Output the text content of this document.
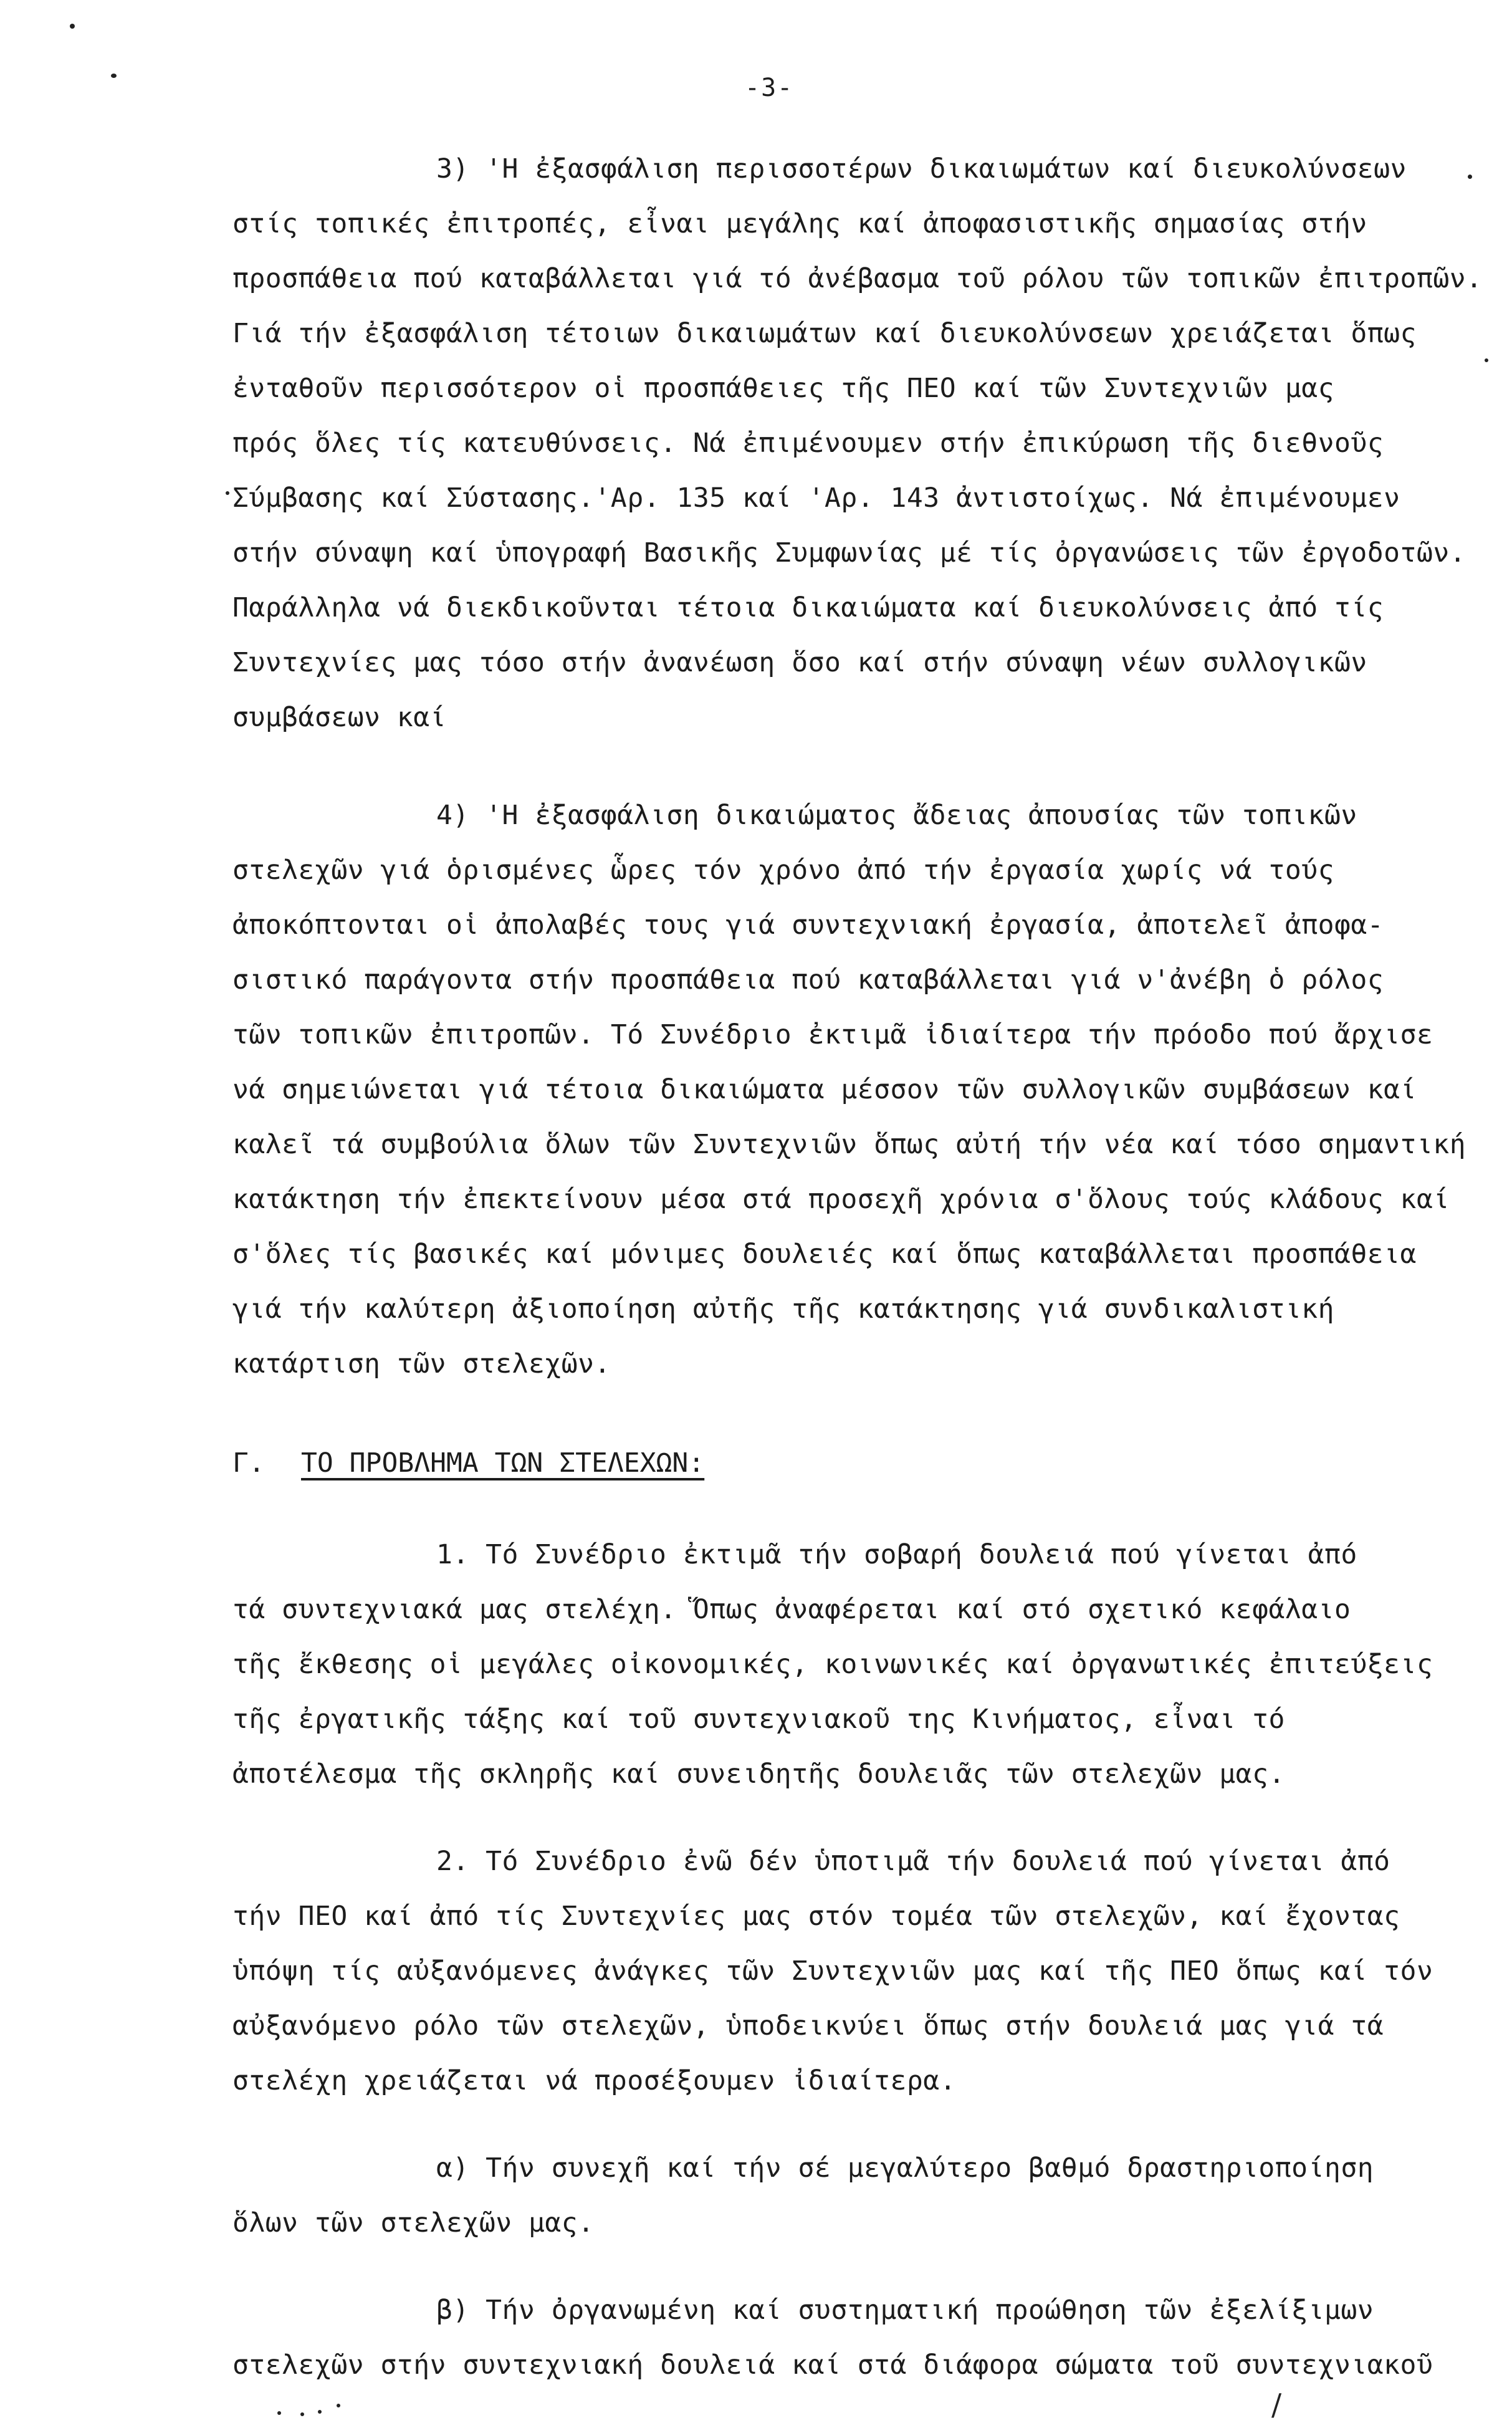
-3-
3) 'Η ἐξασφάλιση περισσοτέρων δικαιωμάτων καί διευκολύνσεων
στίς τοπικές ἐπιτροπές, εἶναι μεγάλης καί ἀποφασιστικῆς σημασίας στήν
προσπάθεια πού καταβάλλεται γιά τό ἀνέβασμα τοῦ ρόλου τῶν τοπικῶν ἐπιτροπῶν.
Γιά τήν ἐξασφάλιση τέτοιων δικαιωμάτων καί διευκολύνσεων χρειάζεται ὅπως
ἐνταθοῦν περισσότερον οἱ προσπάθειες τῆς ΠΕΟ καί τῶν Συντεχνιῶν μας
πρός ὅλες τίς κατευθύνσεις. Νά ἐπιμένουμεν στήν ἐπικύρωση τῆς διεθνοῦς
Σύμβασης καί Σύστασης.'Αρ. 135 καί 'Αρ. 143 ἀντιστοίχως. Νά ἐπιμένουμεν
στήν σύναψη καί ὑπογραφή Βασικῆς Συμφωνίας μέ τίς ὀργανώσεις τῶν ἐργοδοτῶν.
Παράλληλα νά διεκδικοῦνται τέτοια δικαιώματα καί διευκολύνσεις ἀπό τίς
Συντεχνίες μας τόσο στήν ἀνανέωση ὅσο καί στήν σύναψη νέων συλλογικῶν
συμβάσεων καί
4) 'Η ἐξασφάλιση δικαιώματος ἄδειας ἀπουσίας τῶν τοπικῶν
στελεχῶν γιά ὁρισμένες ὧρες τόν χρόνο ἀπό τήν ἐργασία χωρίς νά τούς
ἀποκόπτονται οἱ ἀπολαβές τους γιά συντεχνιακή ἐργασία, ἀποτελεῖ ἀποφα-
σιστικό παράγοντα στήν προσπάθεια πού καταβάλλεται γιά ν'ἀνέβη ὁ ρόλος
τῶν τοπικῶν ἐπιτροπῶν. Τό Συνέδριο ἐκτιμᾶ ἰδιαίτερα τήν πρόοδο πού ἄρχισε
νά σημειώνεται γιά τέτοια δικαιώματα μέσσον τῶν συλλογικῶν συμβάσεων καί
καλεῖ τά συμβούλια ὅλων τῶν Συντεχνιῶν ὅπως αὐτή τήν νέα καί τόσο σημαντική
κατάκτηση τήν ἐπεκτείνουν μέσα στά προσεχῆ χρόνια σ'ὅλους τούς κλάδους καί
σ'ὅλες τίς βασικές καί μόνιμες δουλειές καί ὅπως καταβάλλεται προσπάθεια
γιά τήν καλύτερη ἀξιοποίηση αὐτῆς τῆς κατάκτησης γιά συνδικαλιστική
κατάρτιση τῶν στελεχῶν.
Γ. ΤΟ ΠΡΟΒΛΗΜΑ ΤΩΝ ΣΤΕΛΕΧΩΝ:
1. Τό Συνέδριο ἐκτιμᾶ τήν σοβαρή δουλειά πού γίνεται ἀπό
τά συντεχνιακά μας στελέχη. Ὅπως ἀναφέρεται καί στό σχετικό κεφάλαιο
τῆς ἔκθεσης οἱ μεγάλες οἰκονομικές, κοινωνικές καί ὀργανωτικές ἐπιτεύξεις
τῆς ἐργατικῆς τάξης καί τοῦ συντεχνιακοῦ της Κινήματος, εἶναι τό
ἀποτέλεσμα τῆς σκληρῆς καί συνειδητῆς δουλειᾶς τῶν στελεχῶν μας.
2. Τό Συνέδριο ἐνῶ δέν ὑποτιμᾶ τήν δουλειά πού γίνεται ἀπό
τήν ΠΕΟ καί ἀπό τίς Συντεχνίες μας στόν τομέα τῶν στελεχῶν, καί ἔχοντας
ὑπόψη τίς αὐξανόμενες ἀνάγκες τῶν Συντεχνιῶν μας καί τῆς ΠΕΟ ὅπως καί τόν
αὐξανόμενο ρόλο τῶν στελεχῶν, ὑποδεικνύει ὅπως στήν δουλειά μας γιά τά
στελέχη χρειάζεται νά προσέξουμεν ἰδιαίτερα.
α) Τήν συνεχῆ καί τήν σέ μεγαλύτερο βαθμό δραστηριοποίηση
ὅλων τῶν στελεχῶν μας.
β) Τήν ὀργανωμένη καί συστηματική προώθηση τῶν ἐξελίξιμων
στελεχῶν στήν συντεχνιακή δουλειά καί στά διάφορα σώματα τοῦ συντεχνιακοῦ
/
